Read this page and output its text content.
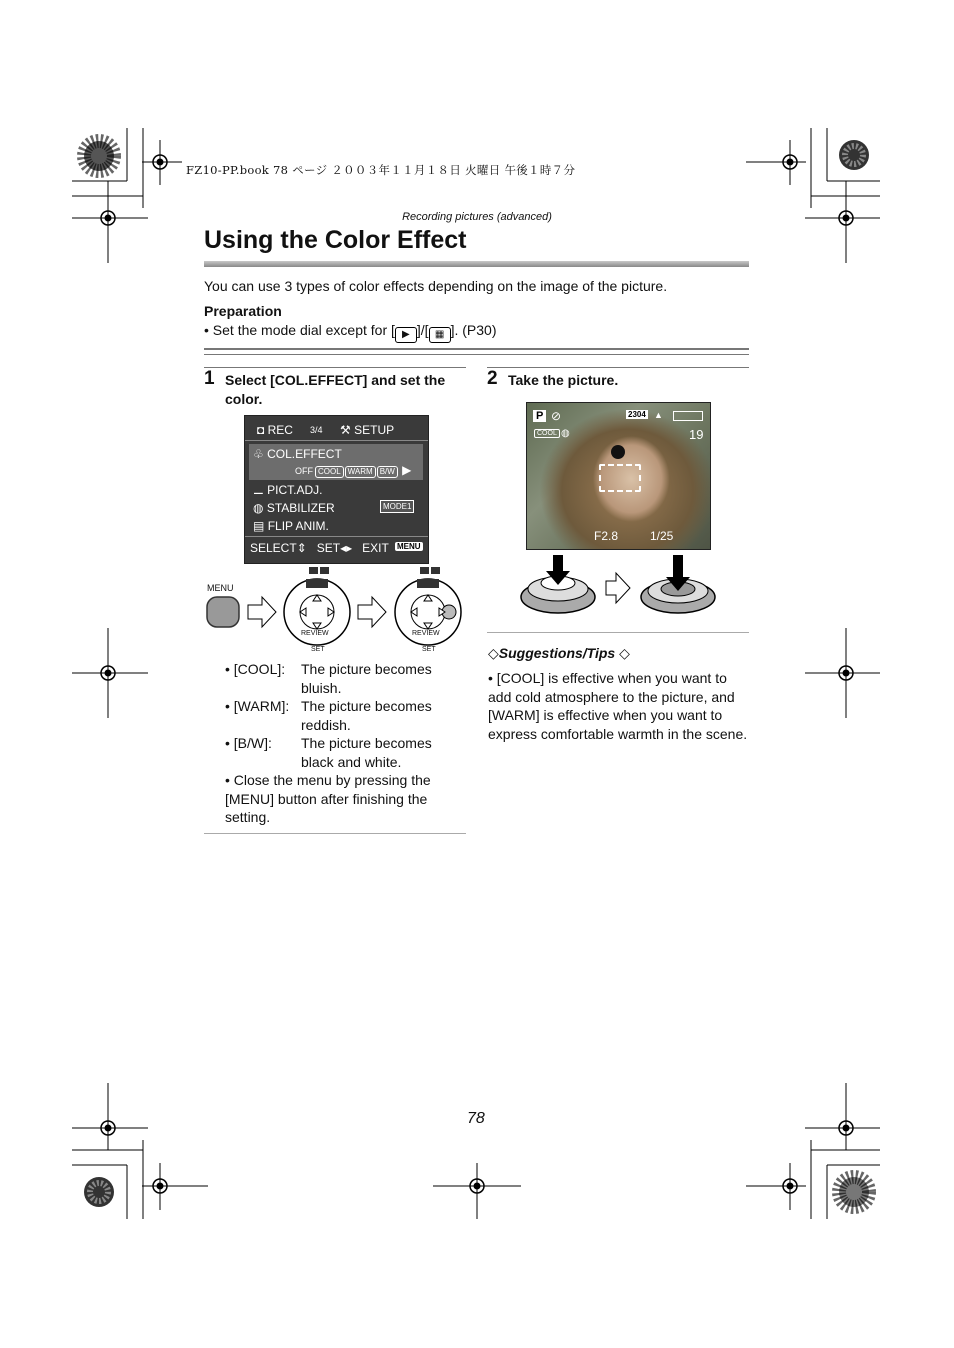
FZ10-PP.book 78 ページ ２００３年１１月１８日 火曜日 午後１時７分
Recording pictures (advanced)
Using the Color Effect
You can use 3 types of color effects depending on the image of the picture.
Preparation
• Set the mode dial except for [ ▶ ]/[ ▦ ]. (P30)
1 Select [COL.EFFECT] and set the color.
◘ REC 3/4 ⚒ SETUP
♧ COL.EFFECT
OFF COOL WARM B/W ▶
⚊ PICT.ADJ.
◍ STABILIZER	MODE1
▤ FLIP ANIM.
SELECT⇕ SET◂▸ EXIT MENU
MENU
REVIEW
SET
REVIEW
SET
• [COOL]:	The picture becomes bluish.
• [WARM]: The picture becomes reddish.
• [B/W]:	The picture becomes black and white.
• Close the menu by pressing the [MENU] button after finishing the setting.
2 Take the picture.
P ⊘	2304 ▲
COOL ◍	19
F2.8	1/25
◇Suggestions/Tips ◇
• [COOL] is effective when you want to add cold atmosphere to the picture, and [WARM] is effective when you want to express comfortable warmth in the scene.
78
